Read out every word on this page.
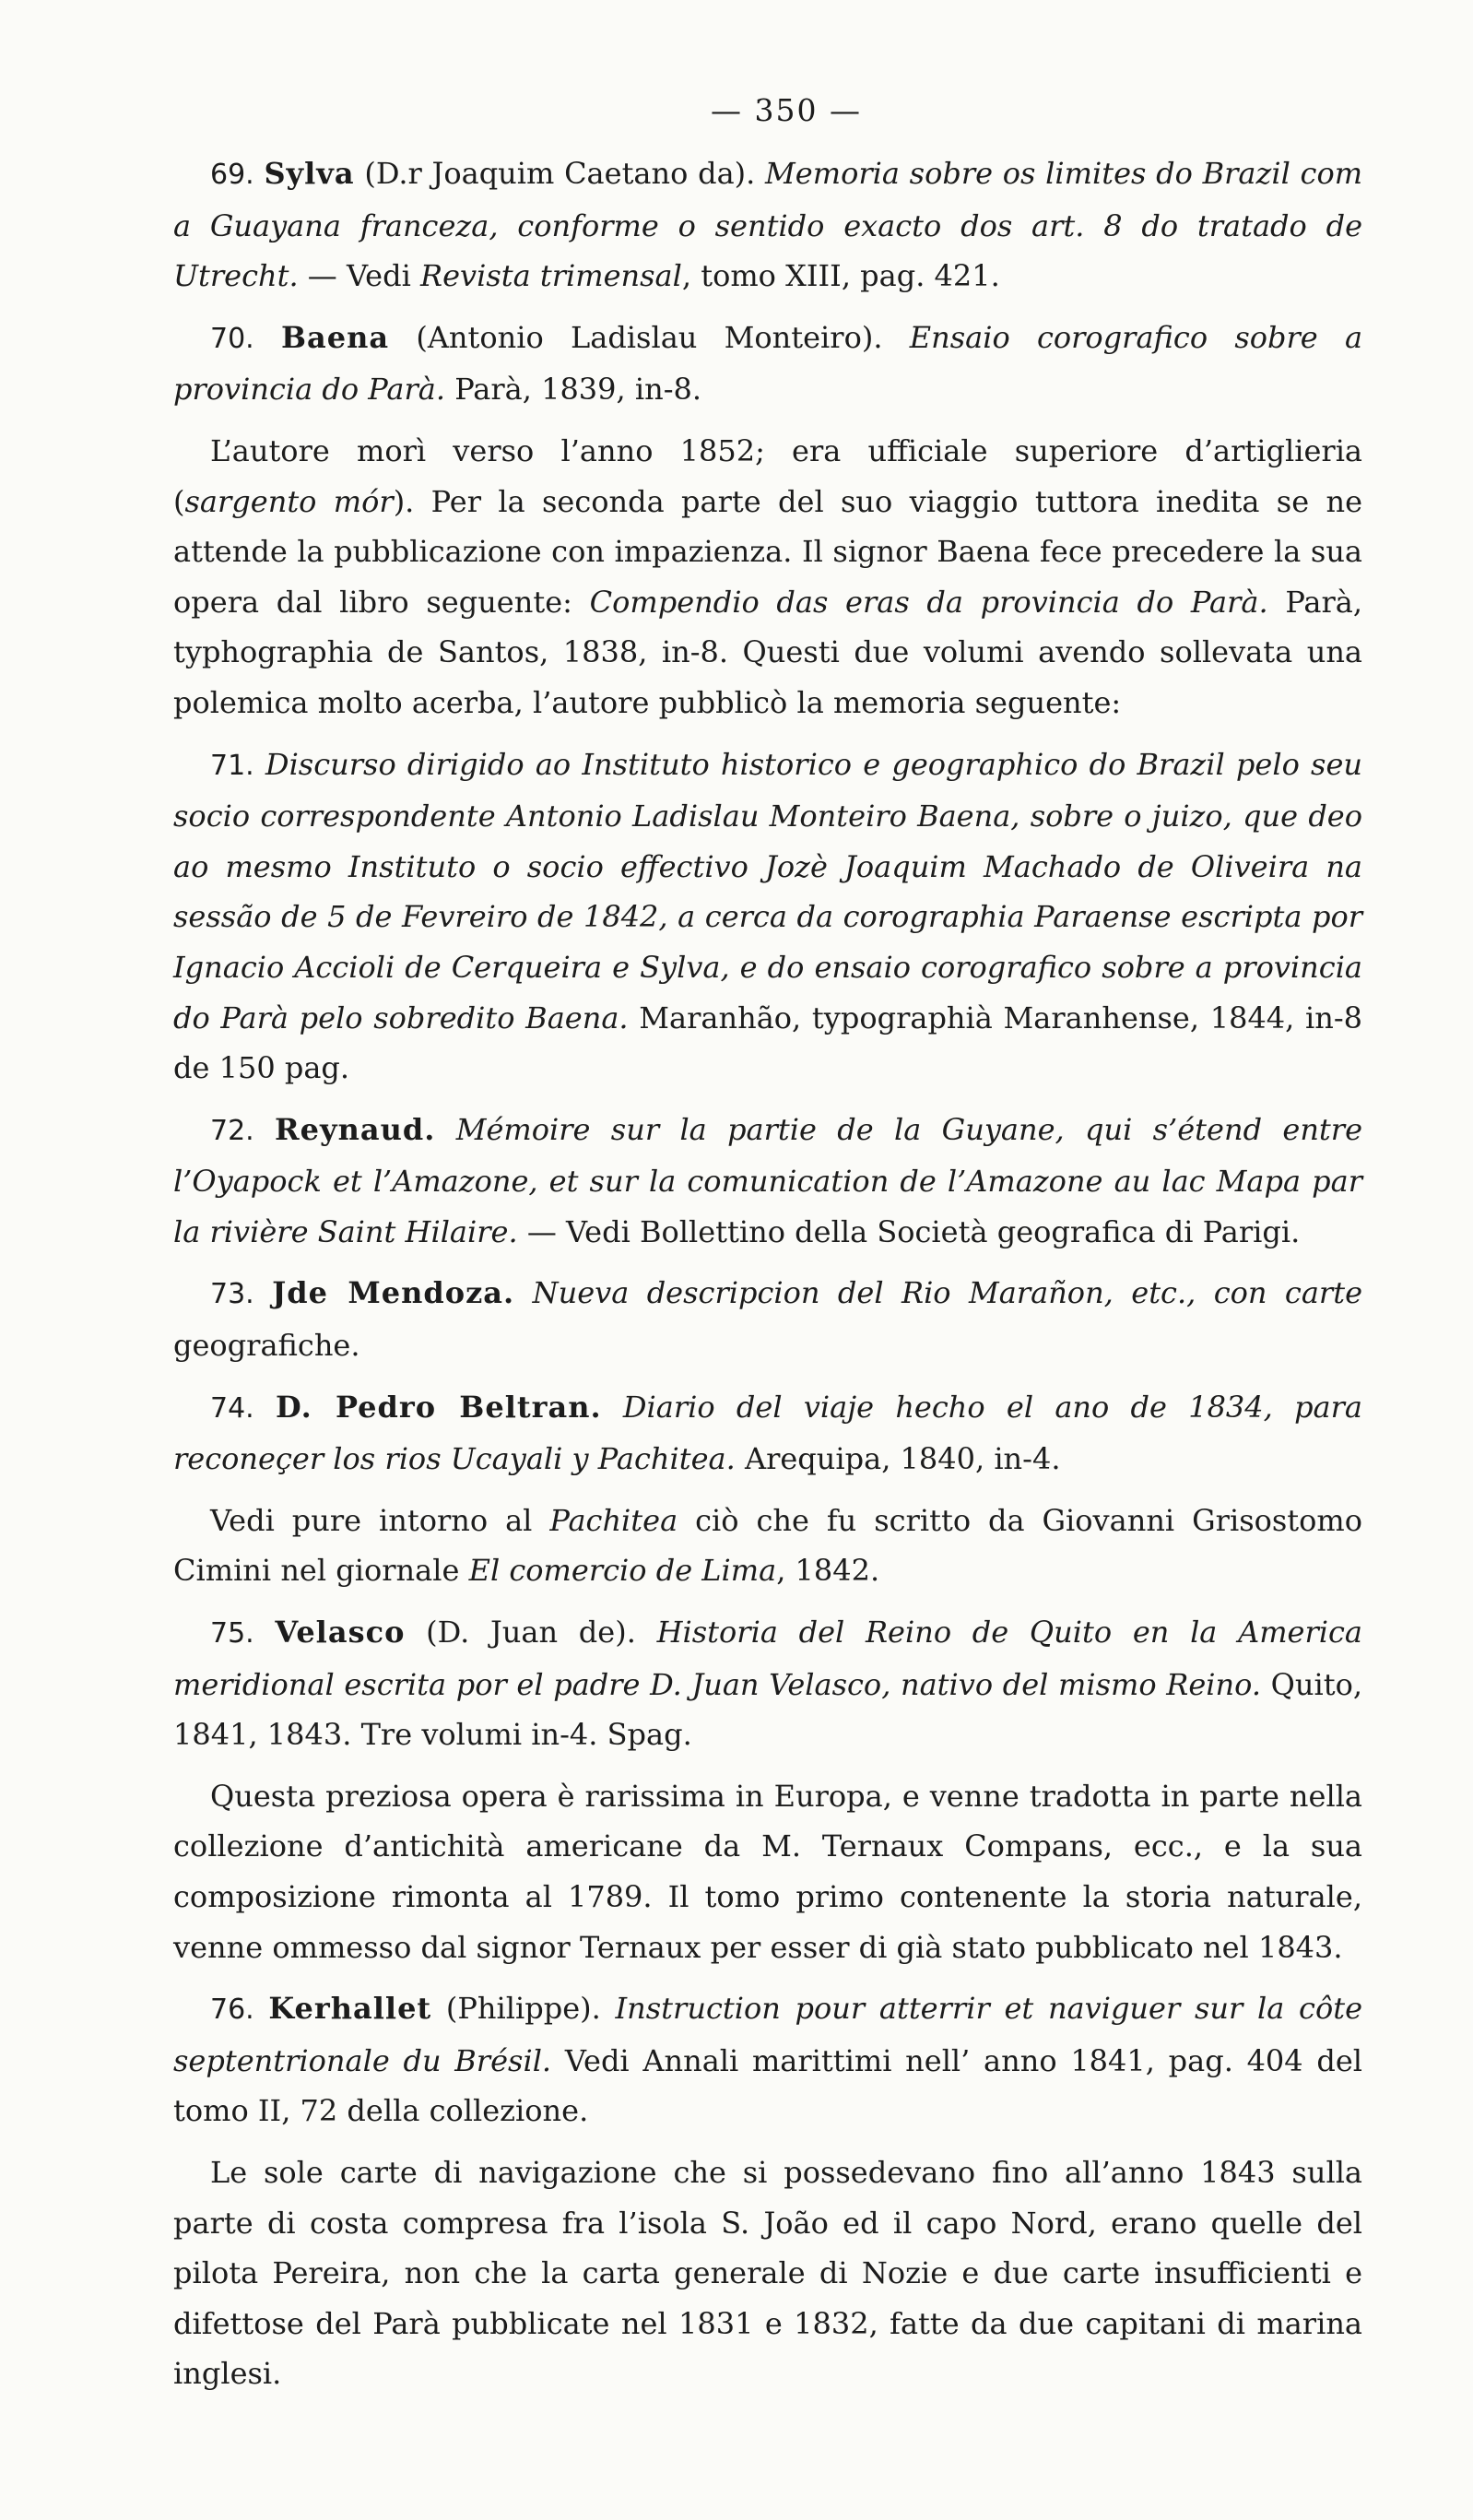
— 350 —

69. Sylva (D.r Joaquim Caetano da). Memoria sobre os limites do Brazil com a Guayana franceza, conforme o sentido exacto dos art. 8 do tratado de Utrecht. — Vedi Revista trimensal, tomo XIII, pag. 421.

70. Baena (Antonio Ladislau Monteiro). Ensaio corografico sobre a provincia do Parà. Parà, 1839, in-8.

L’autore morì verso l’anno 1852; era ufficiale superiore d’artiglieria (sargento mór). Per la seconda parte del suo viaggio tuttora inedita se ne attende la pubblicazione con impazienza. Il signor Baena fece precedere la sua opera dal libro seguente: Compendio das eras da provincia do Parà. Parà, typhographia de Santos, 1838, in-8. Questi due volumi avendo sollevata una polemica molto acerba, l’autore pubblicò la memoria seguente:

71. Discurso dirigido ao Instituto historico e geographico do Brazil pelo seu socio correspondente Antonio Ladislau Monteiro Baena, sobre o juizo, que deo ao mesmo Instituto o socio effectivo Jozè Joaquim Machado de Oliveira na sessão de 5 de Fevreiro de 1842, a cerca da corographia Paraense escripta por Ignacio Accioli de Cerqueira e Sylva, e do ensaio corografico sobre a provincia do Parà pelo sobredito Baena. Maranhão, typographià Maranhense, 1844, in-8 de 150 pag.

72. Reynaud. Mémoire sur la partie de la Guyane, qui s’étend entre l’Oyapock et l’Amazone, et sur la comunication de l’Amazone au lac Mapa par la rivière Saint Hilaire. — Vedi Bollettino della Società geografica di Parigi.

73. Jde Mendoza. Nueva descripcion del Rio Marañon, etc., con carte geografiche.

74. D. Pedro Beltran. Diario del viaje hecho el ano de 1834, para reconeçer los rios Ucayali y Pachitea. Arequipa, 1840, in-4.

Vedi pure intorno al Pachitea ciò che fu scritto da Giovanni Grisostomo Cimini nel giornale El comercio de Lima, 1842.

75. Velasco (D. Juan de). Historia del Reino de Quito en la America meridional escrita por el padre D. Juan Velasco, nativo del mismo Reino. Quito, 1841, 1843. Tre volumi in-4. Spag.

Questa preziosa opera è rarissima in Europa, e venne tradotta in parte nella collezione d’antichità americane da M. Ternaux Compans, ecc., e la sua composizione rimonta al 1789. Il tomo primo contenente la storia naturale, venne ommesso dal signor Ternaux per esser di già stato pubblicato nel 1843.

76. Kerhallet (Philippe). Instruction pour atterrir et naviguer sur la côte septentrionale du Brésil. Vedi Annali marittimi nell’ anno 1841, pag. 404 del tomo II, 72 della collezione.

Le sole carte di navigazione che si possedevano fino all’anno 1843 sulla parte di costa compresa fra l’isola S. João ed il capo Nord, erano quelle del pilota Pereira, non che la carta generale di Nozie e due carte insufficienti e difettose del Parà pubblicate nel 1831 e 1832, fatte da due capitani di marina inglesi.
